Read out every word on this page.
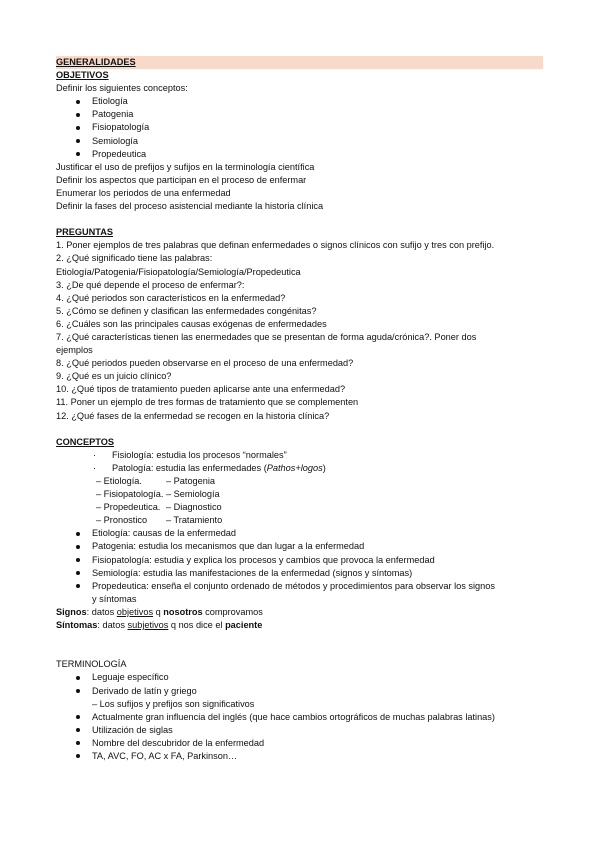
GENERALIDADES
OBJETIVOS
Definir los siguientes conceptos:
Etiología
Patogenia
Fisiopatología
Semiología
Propedeutica
Justificar el uso de prefijos y sufijos en la terminología científica
Definir los aspectos que participan en el proceso de enfermar
Enumerar los periodos de una enfermedad
Definir la fases del proceso asistencial mediante la historia clínica
PREGUNTAS
1. Poner ejemplos de tres palabras que definan enfermedades o signos clínicos con sufijo y tres con prefijo.
2. ¿Qué significado tiene las palabras:
Etiología/Patogenia/Fisiopatología/Semiología/Propedeutica
3. ¿De qué depende el proceso de enfermar?:
4. ¿Qué periodos son característicos en la enfermedad?
5. ¿Cómo se definen y clasifican las enfermedades congénitas?
6. ¿Cuáles son las principales causas exógenas de enfermedades
7. ¿Qué características tienen las enermedades que se presentan de forma aguda/crónica?. Poner dos
ejemplos
8. ¿Qué periodos pueden observarse en el proceso de una enfermedad?
9. ¿Qué es un juicio clínico?
10. ¿Qué tipos de tratamiento pueden aplicarse ante una enfermedad?
11. Poner un ejemplo de tres formas de tratamiento que se complementen
12. ¿Qué fases de la enfermedad se recogen en la historia clínica?
CONCEPTOS
· Fisiología: estudia los procesos “normales”
· Patología: estudia las enfermedades (Pathos+logos)
– Etiología.	– Patogenia
– Fisiopatología. – Semiología
– Propedeutica. – Diagnostico
– Pronostico	– Tratamiento
Etiología: causas de la enfermedad
Patogenia: estudia los mecanismos que dan lugar a la enfermedad
Fisiopatología: estudia y explica los procesos y cambios que provoca la enfermedad
Semiología: estudia las manifestaciones de la enfermedad (signos y síntomas)
Propedeutica: enseña el conjunto ordenado de métodos y procedimientos para observar los signos
y síntomas
Signos: datos objetivos q nosotros comprovamos
Síntomas: datos subjetivos q nos dice el paciente
TERMINOLOGÍA
Leguaje específico
Derivado de latín y griego
– Los sufijos y prefijos son significativos
Actualmente gran influencia del inglés (que hace cambios ortográficos de muchas palabras latinas)
Utilización de siglas
Nombre del descubridor de la enfermedad
TA, AVC, FO, AC x FA, Parkinson…
